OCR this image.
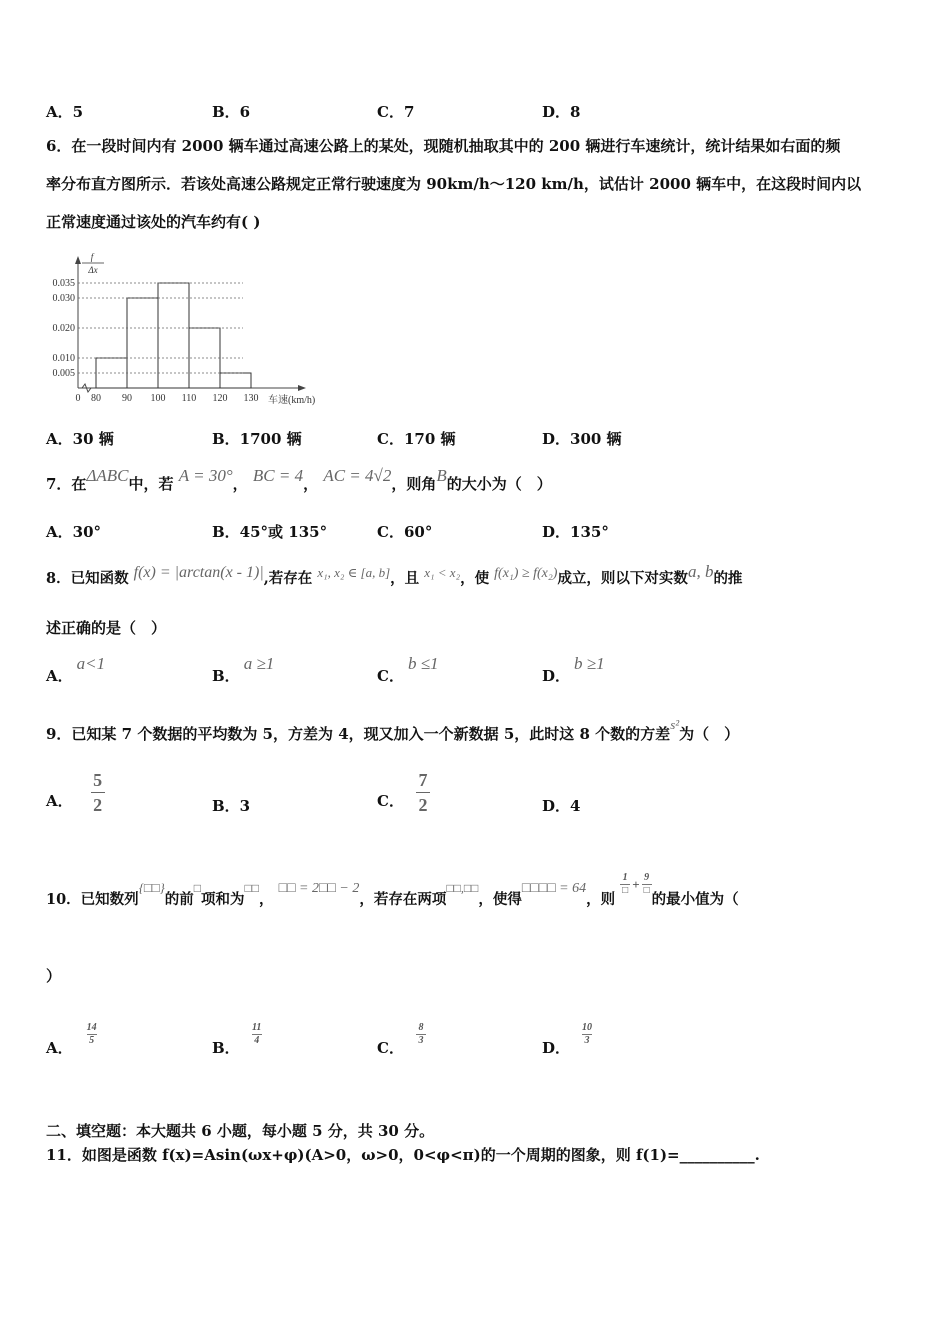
A．5	B．6	C．7	D．8
6．在一段时间内有 2000 辆车通过高速公路上的某处，现随机抽取其中的 200 辆进行车速统计，统计结果如右面的频
率分布直方图所示．若该处高速公路规定正常行驶速度为 90km/h～120 km/h，试估计 2000 辆车中，在这段时间内以
正常速度通过该处的汽车约有( )
f
Δx
0.035
0.030
0.020
0.010
0.005
0 80 90 100 110 120 130 车速(km/h)
A．30 辆	B．1700 辆	C．170 辆	D．300 辆
7．在ΔABC中，若 A = 30°， BC = 4， AC = 4√2，则角B的大小为（　）
A．30°	B．45°或 135°	C．60°	D．135°
8．已知函数 f(x) = |arctan(x - 1)|,若存在 x₁, x₂ ∈ [a, b]，且 x₁ < x₂，使 f(x₁) ≥ f(x₂)成立，则以下对实数a, b的推
述正确的是（　）
A．a<1
B．a ≥1
C．b ≤1
D．b ≥1
9．已知某 7 个数据的平均数为 5，方差为 4，现又加入一个新数据 5，此时这 8 个数的方差s²为（　）
A． $\frac{5}{2}$	B．3	C． $\frac{7}{2}$	D．4
10．已知数列{□□}的前□项和为□□， □□ = 2□□ − 2，若存在两项□□,□□，使得□□□□ = 64，则
1
□ + 9
□
的最小值为（
）
A．
14
5	B．
11
4	C．
8
3	D．
10
3
二、填空题：本大题共 6 小题，每小题 5 分，共 30 分。
11．如图是函数 f(x)=Asin(ωx+φ)(A>0，ω>0，0<φ<π)的一个周期的图象，则 f(1)=__________.
